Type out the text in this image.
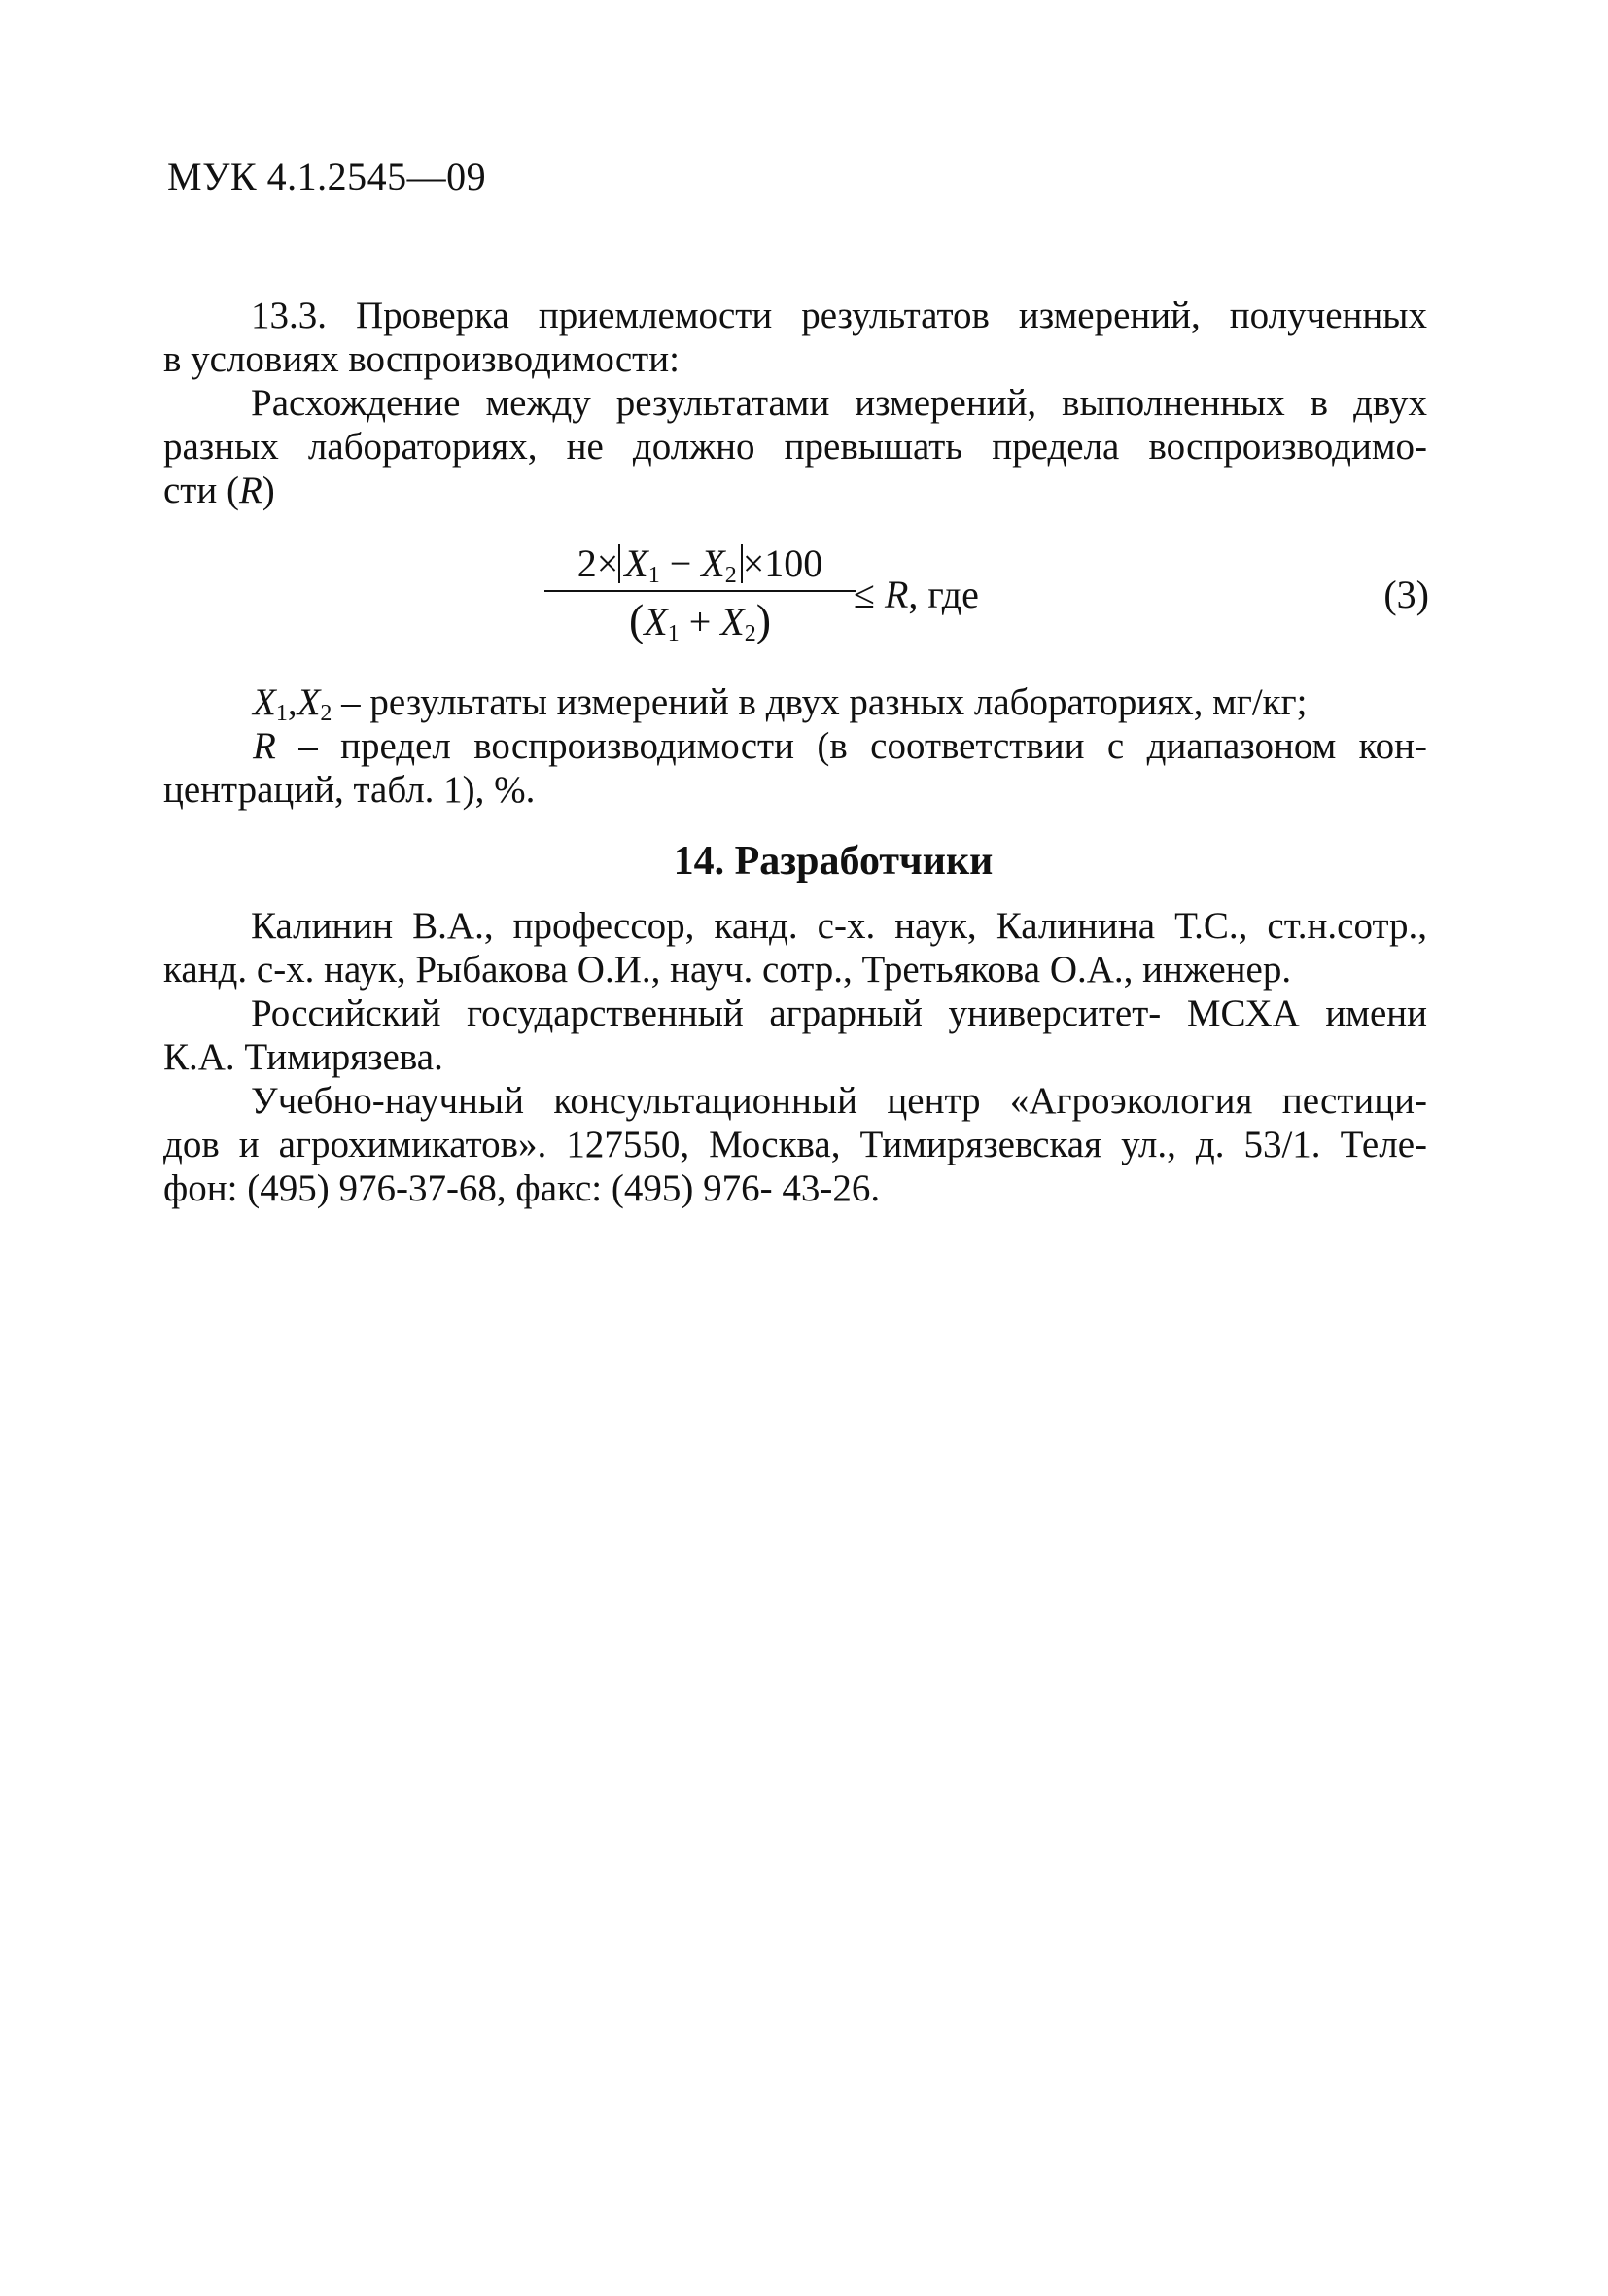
МУК 4.1.2545—09
13.3. Проверка приемлемости результатов измерений, полученных
в условиях воспроизводимости:
Расхождение между результатами измерений, выполненных в двух
разных лабораториях, не должно превышать предела воспроизводимо-
сти (R)
$2\times X_1 - X_2 \times 100$
$(X_1 + X_2)$
≤ R, где	(3)
$X_1,X_2$ – результаты измерений в двух разных лабораториях, мг/кг;
R – предел воспроизводимости (в соответствии с диапазоном кон-
центраций, табл. 1), %.
14. Разработчики
Калинин В.А., профессор, канд. с-х. наук, Калинина Т.С., ст.н.сотр.,
канд. с-х. наук, Рыбакова О.И., науч. сотр., Третьякова О.А., инженер.
Российский государственный аграрный университет- МСХА имени
К.А. Тимирязева.
Учебно-научный консультационный центр «Агроэкология пестици-
дов и агрохимикатов». 127550, Москва, Тимирязевская ул., д. 53/1. Теле-
фон: (495) 976-37-68, факс: (495) 976- 43-26.
